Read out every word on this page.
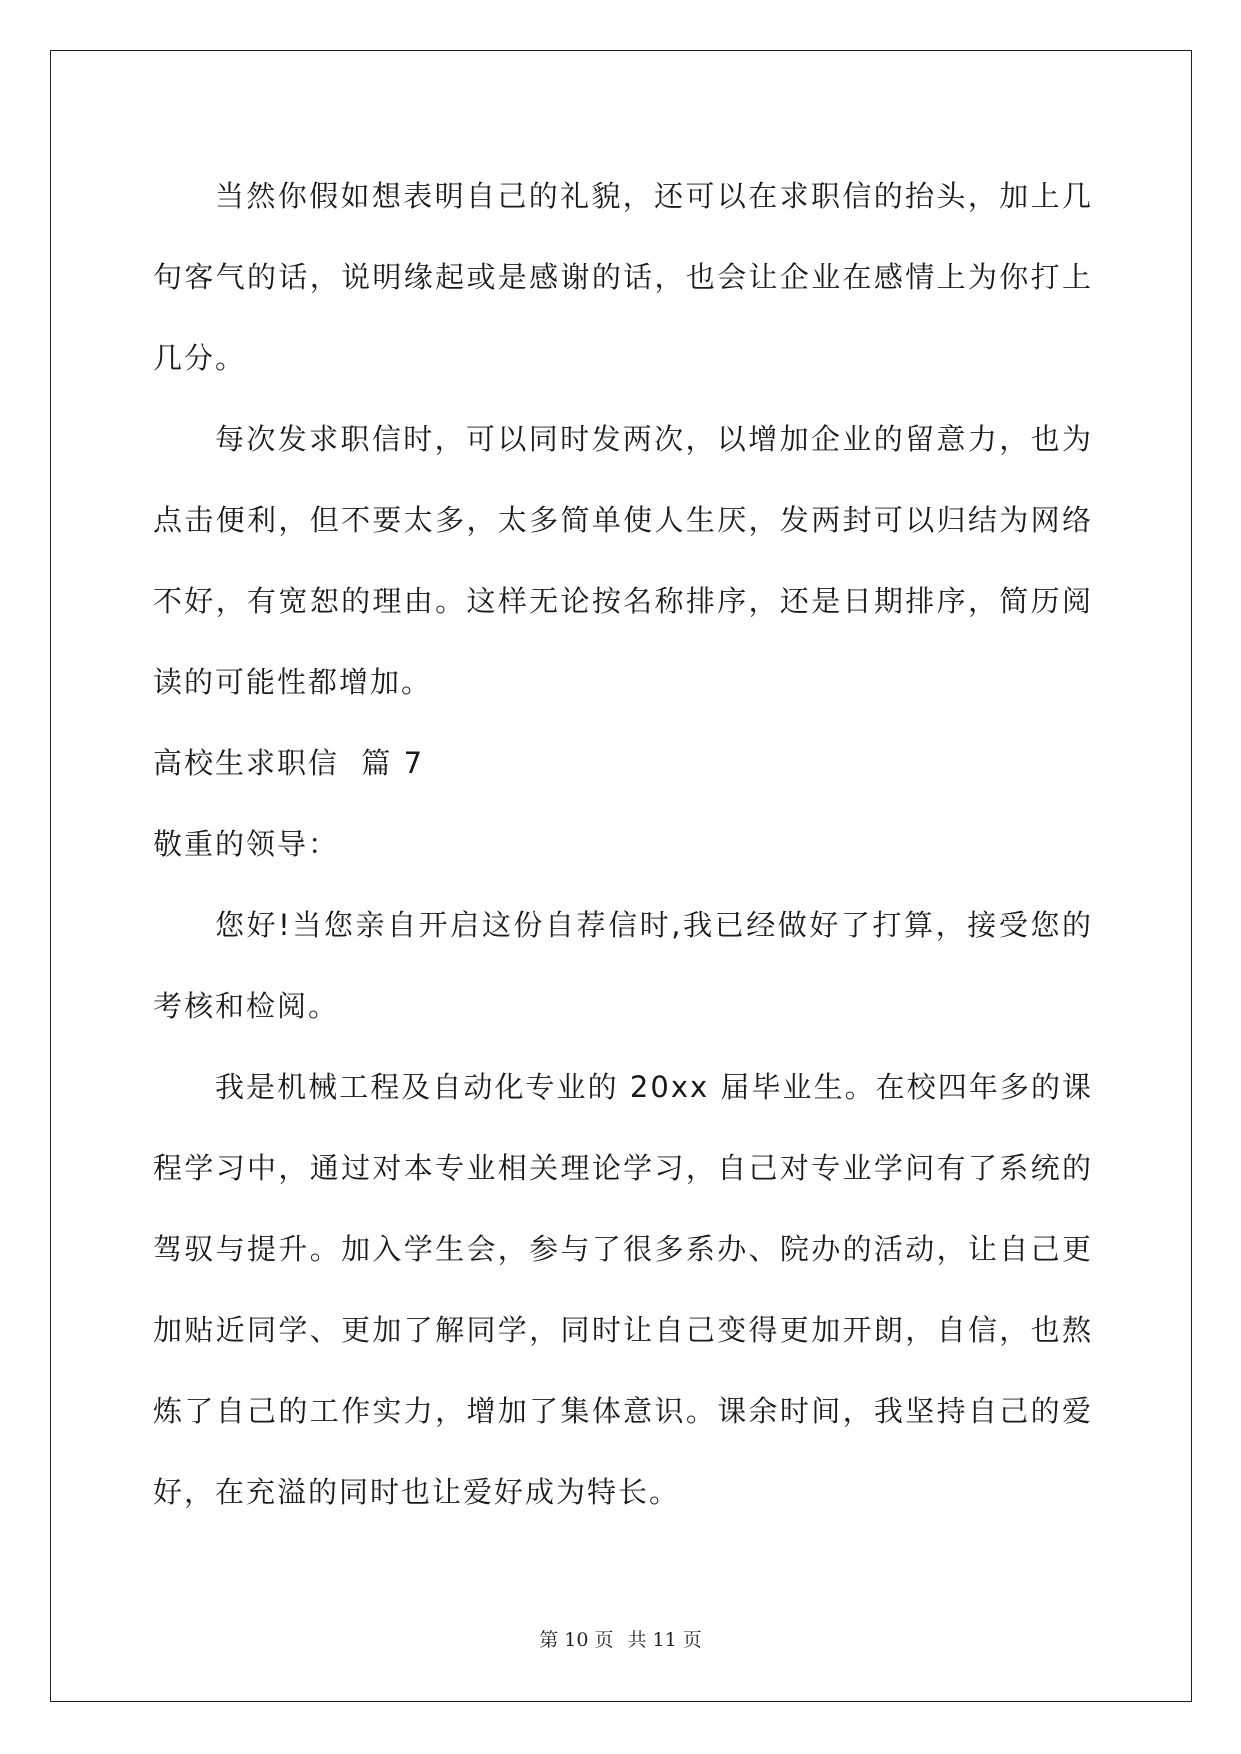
当然你假如想表明自己的礼貌，还可以在求职信的抬头，加上几句客气的话，说明缘起或是感谢的话，也会让企业在感情上为你打上几分。

每次发求职信时，可以同时发两次，以增加企业的留意力，也为点击便利，但不要太多，太多简单使人生厌，发两封可以归结为网络不好，有宽恕的理由。这样无论按名称排序，还是日期排序，简历阅读的可能性都增加。

高校生求职信  篇 7

敬重的领导：

您好!当您亲自开启这份自荐信时,我已经做好了打算，接受您的考核和检阅。

我是机械工程及自动化专业的 20xx 届毕业生。在校四年多的课程学习中，通过对本专业相关理论学习，自己对专业学问有了系统的驾驭与提升。加入学生会，参与了很多系办、院办的活动，让自己更加贴近同学、更加了解同学，同时让自己变得更加开朗，自信，也熬炼了自己的工作实力，增加了集体意识。课余时间，我坚持自己的爱好，在充溢的同时也让爱好成为特长。

第 10 页 共 11 页
